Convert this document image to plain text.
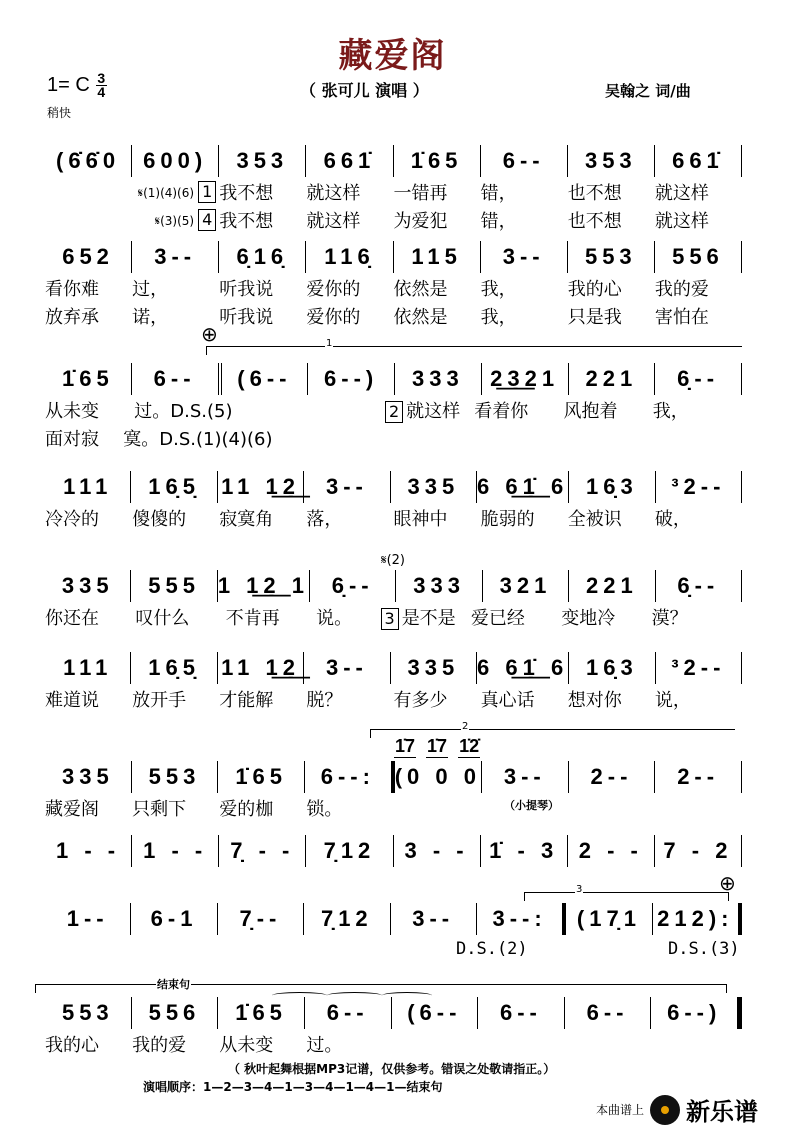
藏爱阁
1= C $\frac{3}{4}$
稍快
（ 张可儿 演唱 ）	吴翰之 词/曲
(6̇6̇0	600)	353	661̇	1̇65	6--	353	661̇
𝄋(1)(4)(6) 1 我不想	就这样	一错再	错，	也不想	就这样
𝄋(3)(5) 4 我不想	就这样	为爱犯	错，	也不想	就这样
652	3--	6̣16̣	116̣	115	3--	553	556
看你难	过，	听我说	爱你的	依然是	我，	我的心	我的爱
放弃承	诺，	听我说	爱你的	依然是	我，	只是我	害怕在
1̇65	6--	(6--	6--)	333	2͟3͟21	221	6̣--
从未变	过。D.S.(5)	2 就这样 看着你	风抱着	我，
面对寂	寞。D.S.(1)(4)(6)
111	16̣5̣ 11 1͟2͟	3--	335 6 6͟1̇͟ 6 16̣3	³2--
冷冷的	傻傻的	寂寞角	落，	眼神中	脆弱的	全被识	破，
335	555 1 1͟2͟ 1	6̣--	333	321	221	6̣--
你还在	叹什么	不肯再	说。	3 是不是 爱已经	变地冷	漠？
111	16̣5̣ 11 1͟2͟	3--	335 6 6͟1̇͟ 6 16̣3	³2--
难道说	放开手	才能解	脱？	有多少	真心话	想对你	说，
335	553	1̇65	6--: (0 0 0	3--	2--	2--
藏爱阁	只剩下	爱的枷	锁。
1 - -	1 - -	7̣ - -	7̣12	3 - - 1̇ - 3 2 - - 7 - 2
1--	6-1	7̣--	7̣12	3--	3--:	(17̣1 212):
553	556	1̇65	6--	(6--	6--	6--	6--)
我的心	我的爱	从未变	过。
⊕	1
𝄋(2)
2
1̇7 1̇7 1̇2̇
（小提琴）
3	⊕
D.S.(2)	D.S.(3)
结束句
（ 秋叶起舞根据MP3记谱，仅供参考。错误之处敬请指正。）
演唱顺序：1—2—3—4—1—3—4—1—4—1—结束句
本曲谱上 新乐谱
